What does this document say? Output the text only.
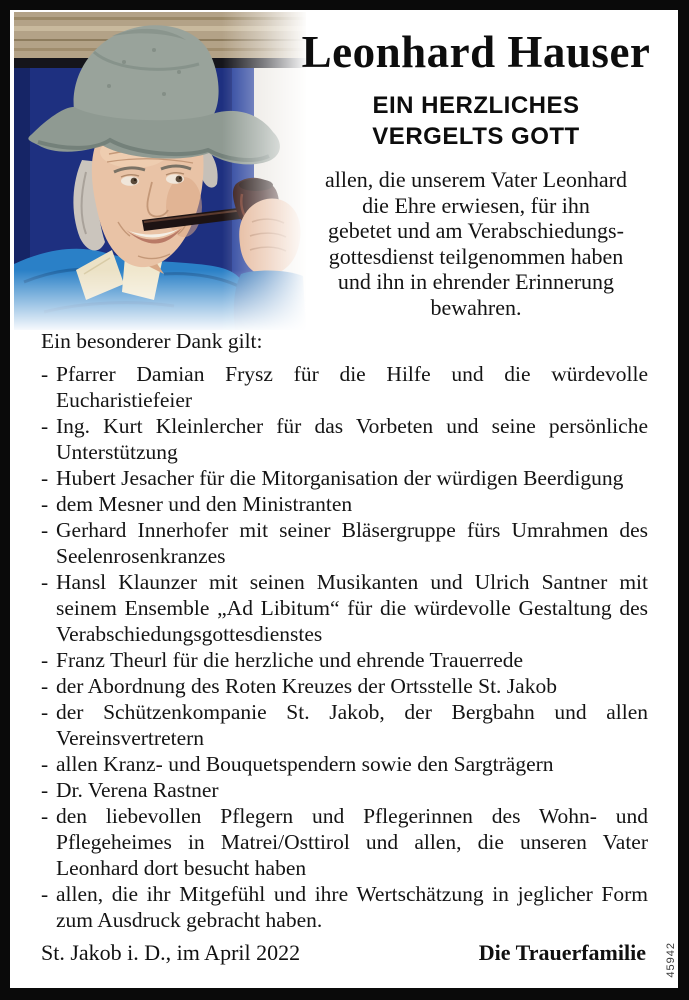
Leonhard Hauser
EIN HERZLICHES
VERGELTS GOTT
allen, die unserem Vater Leonhard
die Ehre erwiesen, für ihn
gebetet und am Verabschiedungs-
gottesdienst teilgenommen haben
und ihn in ehrender Erinnerung
bewahren.
Ein besonderer Dank gilt:
- Pfarrer Damian Frysz für die Hilfe und die würdevolle Eucharistiefeier
- Ing. Kurt Kleinlercher für das Vorbeten und seine persönliche Unterstützung
- Hubert Jesacher für die Mitorganisation der würdigen Beerdigung
- dem Mesner und den Ministranten
- Gerhard Innerhofer mit seiner Bläsergruppe fürs Umrahmen des Seelenrosenkranzes
- Hansl Klaunzer mit seinen Musikanten und Ulrich Santner mit seinem Ensemble „Ad Libitum“ für die würdevolle Gestaltung des Verabschiedungsgottesdienstes
- Franz Theurl für die herzliche und ehrende Trauerrede
- der Abordnung des Roten Kreuzes der Ortsstelle St. Jakob
- der Schützenkompanie St. Jakob, der Bergbahn und allen Vereinsvertretern
- allen Kranz- und Bouquetspendern sowie den Sargträgern
- Dr. Verena Rastner
- den liebevollen Pflegern und Pflegerinnen des Wohn- und Pflegeheimes in Matrei/Osttirol und allen, die unseren Vater Leonhard dort besucht haben
- allen, die ihr Mitgefühl und ihre Wertschätzung in jeglicher Form zum Ausdruck gebracht haben.
St. Jakob i. D., im April 2022	Die Trauerfamilie 45942
